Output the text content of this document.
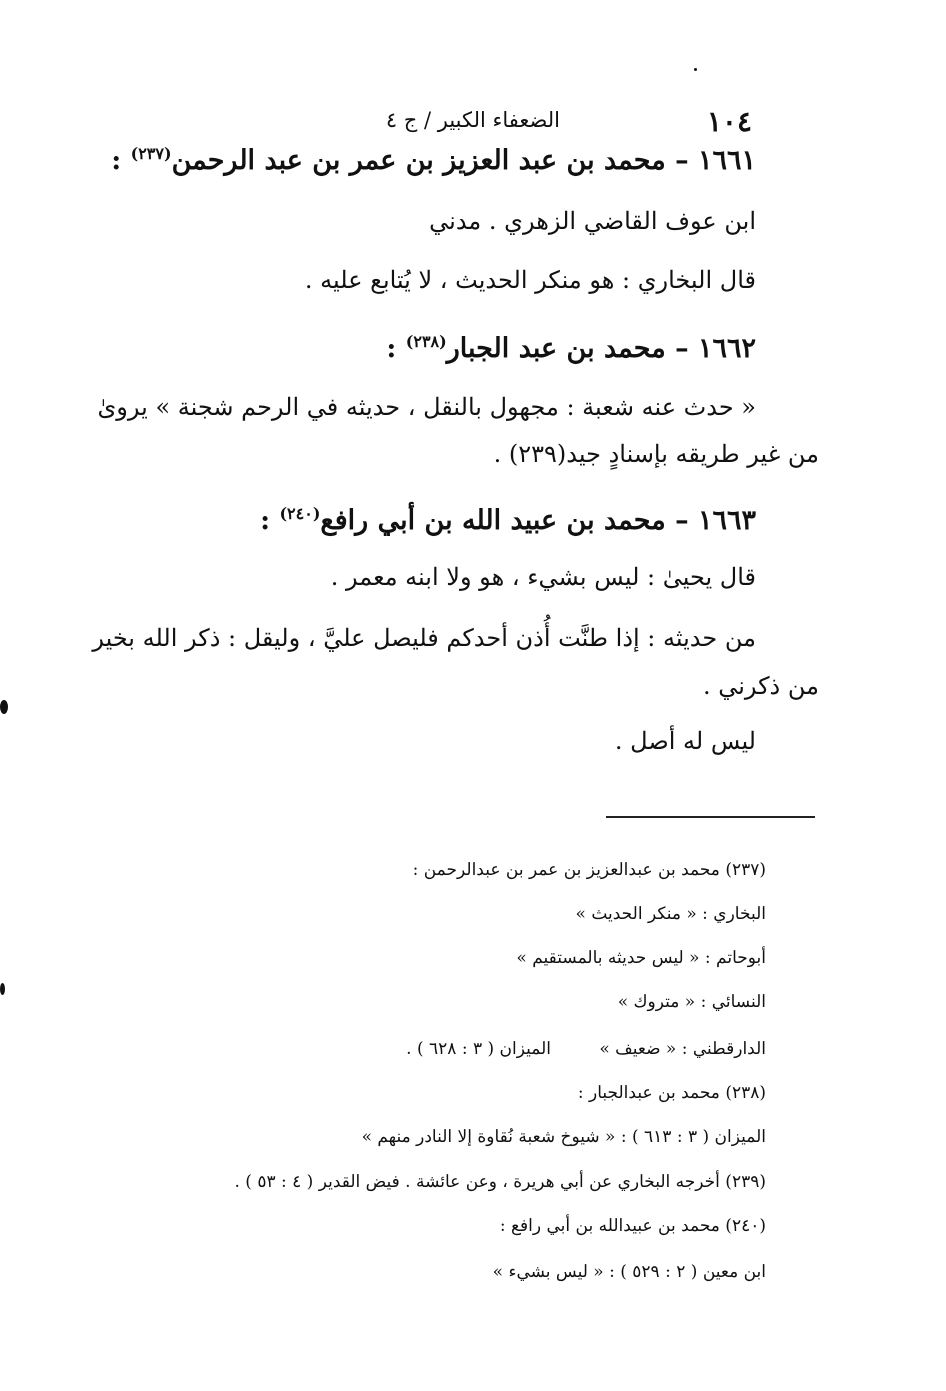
١٠٤
الضعفاء الكبير / ج ٤
١٦٦١ – محمد بن عبد العزيز بن عمر بن عبد الرحمن$^{(٢٣٧)}$ :
ابن عوف القاضي الزهري . مدني
قال البخاري : هو منكر الحديث ، لا يُتابع عليه .
١٦٦٢ – محمد بن عبد الجبار$^{(٢٣٨)}$ :
« حدث عنه شعبة : مجهول بالنقل ، حديثه في الرحم شجنة » يروىٰ
من غير طريقه بإسنادٍ جيد(٢٣٩) .
١٦٦٣ – محمد بن عبيد الله بن أبي رافع$^{(٢٤٠)}$ :
قال يحيىٰ : ليس بشيء ، هو ولا ابنه معمر .
من حديثه : إذا طنَّت أُذن أحدكم فليصل عليَّ ، وليقل : ذكر الله بخير
من ذكرني .
ليس له أصل .
(٢٣٧) محمد بن عبدالعزيز بن عمر بن عبدالرحمن :
البخاري : « منكر الحديث »
أبوحاتم : « ليس حديثه بالمستقيم »
النسائي : « متروك »
الدارقطني : « ضعيف »
الميزان ( ٣ : ٦٢٨ ) .
(٢٣٨) محمد بن عبدالجبار :
الميزان ( ٣ : ٦١٣ ) : « شيوخ شعبة نُقاوة إلا النادر منهم »
(٢٣٩) أخرجه البخاري عن أبي هريرة ، وعن عائشة . فيض القدير ( ٤ : ٥٣ ) .
(٢٤٠) محمد بن عبيدالله بن أبي رافع :
ابن معين ( ٢ : ٥٢٩ ) : « ليس بشيء »
